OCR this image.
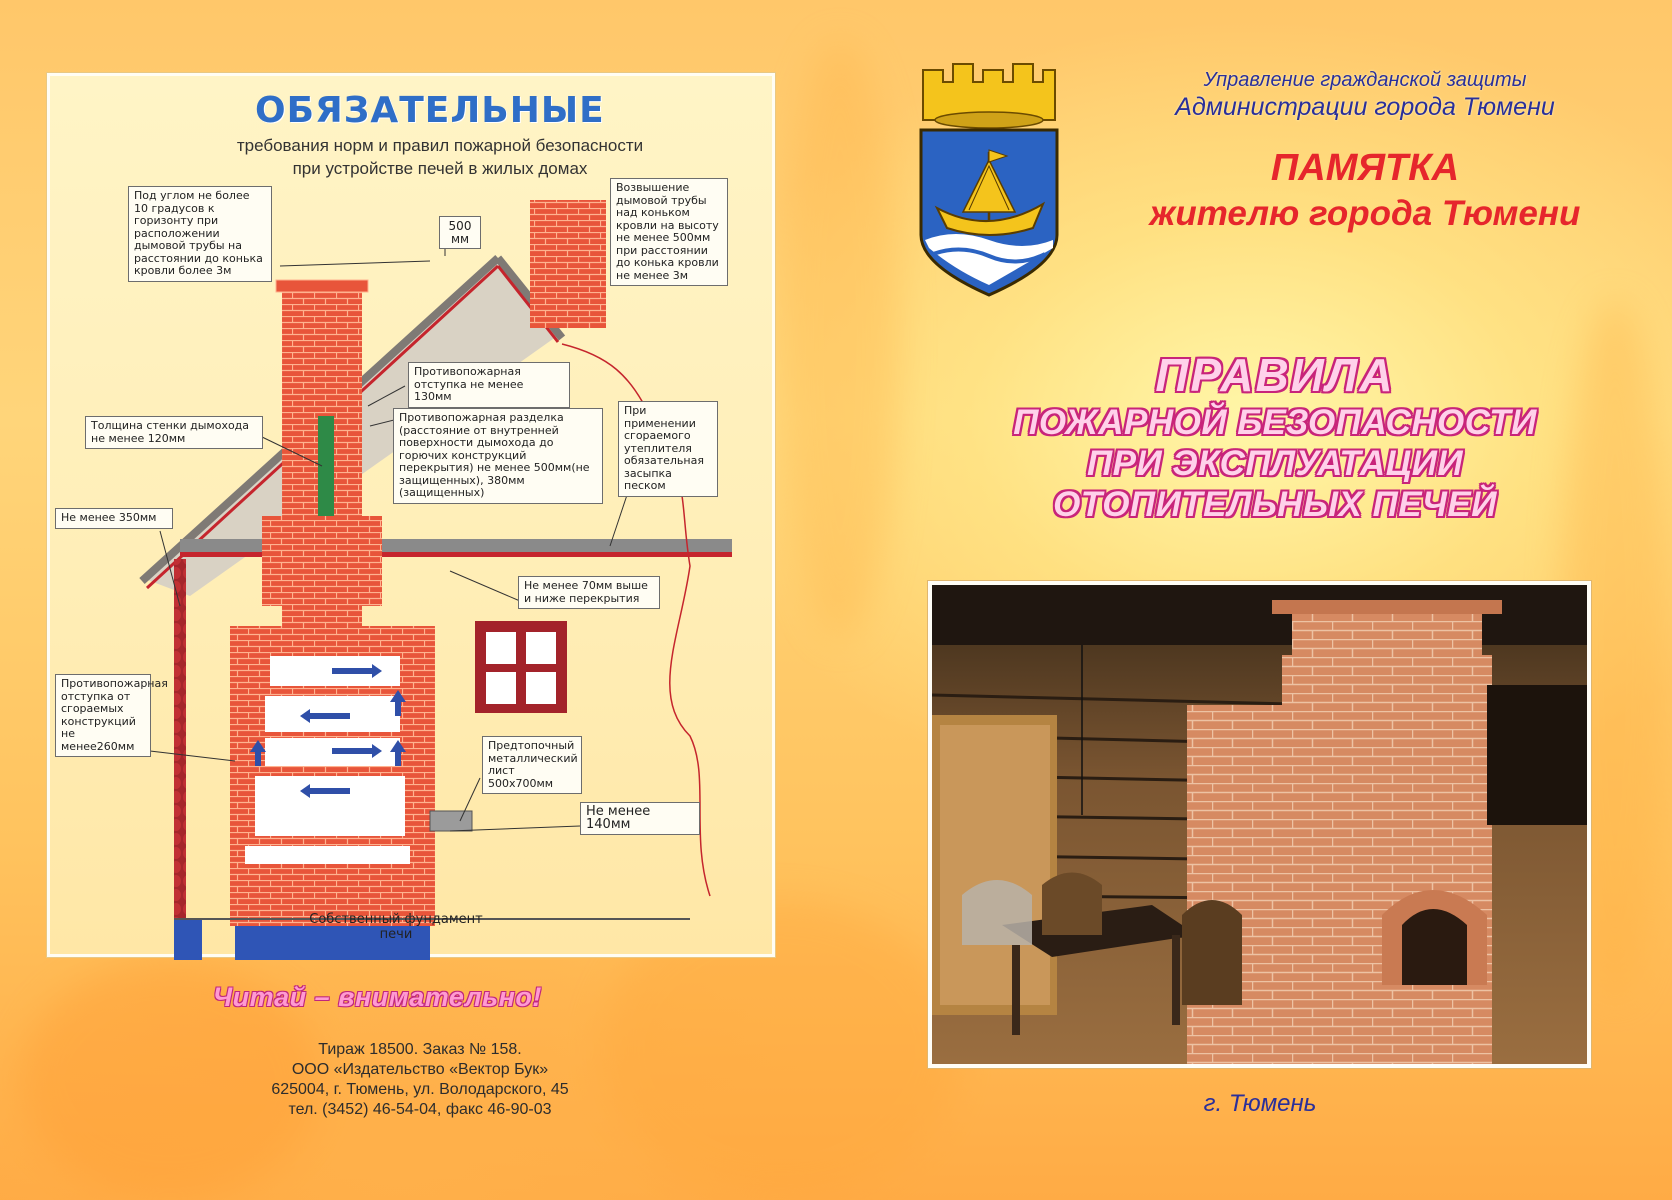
ОБЯЗАТЕЛЬНЫЕ
требования норм и правил пожарной безопасности
при устройстве печей в жилых домах
Под углом не более 10 градусов к горизонту при расположении дымовой трубы на расстоянии до конька кровли более 3м
500 мм
Возвышение дымовой трубы над коньком кровли на высоту не менее 500мм при расстоянии до конька кровли не менее 3м
Противопожарная отступка не менее 130мм
Толщина стенки дымохода не менее 120мм
Противопожарная разделка (расстояние от внутренней поверхности дымохода до горючих конструкций перекрытия) не менее 500мм(не защищенных), 380мм (защищенных)
При применении сгораемого утеплителя обязательная засыпка песком
Не менее 350мм
Не менее 70мм выше и ниже перекрытия
Противопожарная отступка от сгораемых конструкций не менее260мм	Предтопочный металлический лист 500х700мм
Не менее 140мм
Собственный фундамент печи
Читай – внимательно!
Тираж 18500. Заказ № 158.
ООО «Издательство «Вектор Бук»
625004, г. Тюмень, ул. Володарского, 45
тел. (3452) 46-54-04, факс 46-90-03
Управление гражданской защиты
Администрации города Тюмени
ПАМЯТКА
жителю города Тюмени
ПРАВИЛА
ПОЖАРНОЙ БЕЗОПАСНОСТИ
ПРИ ЭКСПЛУАТАЦИИ
ОТОПИТЕЛЬНЫХ ПЕЧЕЙ
г. Тюмень
